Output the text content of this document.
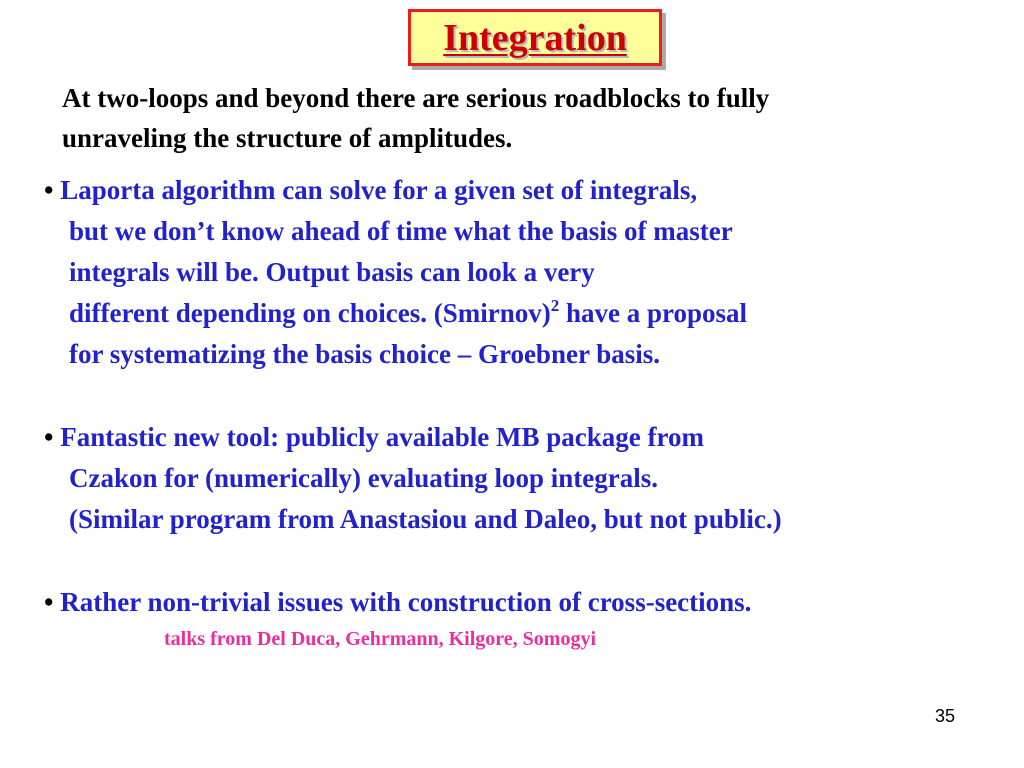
Integration
At two-loops and beyond there are serious roadblocks to fully
unraveling the structure of amplitudes.
• Laporta algorithm can solve for a given set of integrals,
but we don’t know ahead of time what the basis of master
integrals will be. Output basis can look a very
different depending on choices. (Smirnov)$^2$ have a proposal
for systematizing the basis choice – Groebner basis.
• Fantastic new tool: publicly available MB package from
Czakon for (numerically) evaluating loop integrals.
(Similar program from Anastasiou and Daleo, but not public.)
• Rather non-trivial issues with construction of cross-sections.
talks from Del Duca, Gehrmann, Kilgore, Somogyi
35
